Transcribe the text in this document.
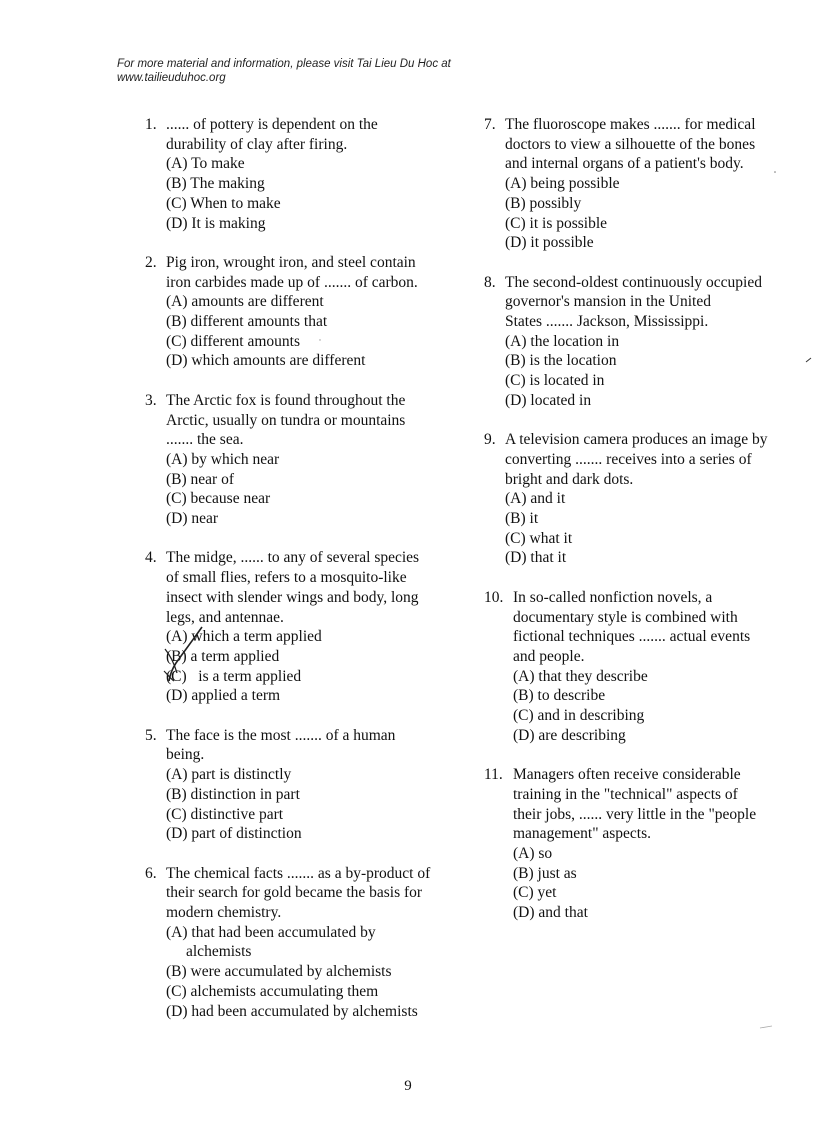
For more material and information, please visit Tai Lieu Du Hoc at
www.tailieuduhoc.org
1. ...... of pottery is dependent on the
durability of clay after firing.
(A) To make
(B) The making
(C) When to make
(D) It is making
2. Pig iron, wrought iron, and steel contain
iron carbides made up of ....... of carbon.
(A) amounts are different
(B) different amounts that
(C) different amounts
(D) which amounts are different
3. The Arctic fox is found throughout the
Arctic, usually on tundra or mountains
....... the sea.
(A) by which near
(B) near of
(C) because near
(D) near
4. The midge, ...... to any of several species
of small flies, refers to a mosquito-like
insect with slender wings and body, long
legs, and antennae.
(A) which a term applied
(B) a term applied
(C)   is a term applied
(D) applied a term
5. The face is the most ....... of a human
being.
(A) part is distinctly
(B) distinction in part
(C) distinctive part
(D) part of distinction
6. The chemical facts ....... as a by-product of
their search for gold became the basis for
modern chemistry.
(A) that had been accumulated by
alchemists
(B) were accumulated by alchemists
(C) alchemists accumulating them
(D) had been accumulated by alchemists
7. The fluoroscope makes ....... for medical
doctors to view a silhouette of the bones
and internal organs of a patient's body.
(A) being possible
(B) possibly
(C) it is possible
(D) it possible
8. The second-oldest continuously occupied
governor's mansion in the United
States ....... Jackson, Mississippi.
(A) the location in
(B) is the location
(C) is located in
(D) located in
9. A television camera produces an image by
converting ....... receives into a series of
bright and dark dots.
(A) and it
(B) it
(C) what it
(D) that it
10. In so-called nonfiction novels, a
documentary style is combined with
fictional techniques ....... actual events
and people.
(A) that they describe
(B) to describe
(C) and in describing
(D) are describing
11. Managers often receive considerable
training in the "technical" aspects of
their jobs, ...... very little in the "people
management" aspects.
(A) so
(B) just as
(C) yet
(D) and that
9
